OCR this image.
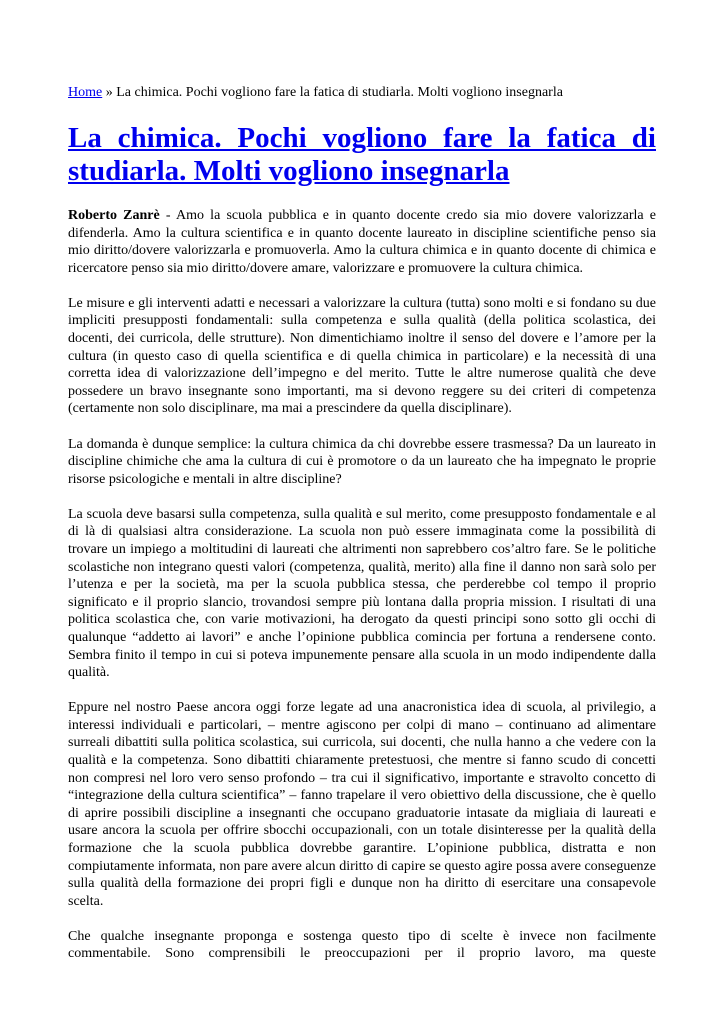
Home » La chimica. Pochi vogliono fare la fatica di studiarla. Molti vogliono insegnarla
La chimica. Pochi vogliono fare la fatica di studiarla. Molti vogliono insegnarla

Roberto Zanrè - Amo la scuola pubblica e in quanto docente credo sia mio dovere valorizzarla e difenderla. Amo la cultura scientifica e in quanto docente laureato in discipline scientifiche penso sia mio diritto/dovere valorizzarla e promuoverla. Amo la cultura chimica e in quanto docente di chimica e ricercatore penso sia mio diritto/dovere amare, valorizzare e promuovere la cultura chimica.

Le misure e gli interventi adatti e necessari a valorizzare la cultura (tutta) sono molti e si fondano su due impliciti presupposti fondamentali: sulla competenza e sulla qualità (della politica scolastica, dei docenti, dei curricola, delle strutture). Non dimentichiamo inoltre il senso del dovere e l’amore per la cultura (in questo caso di quella scientifica e di quella chimica in particolare) e la necessità di una corretta idea di valorizzazione dell’impegno e del merito. Tutte le altre numerose qualità che deve possedere un bravo insegnante sono importanti, ma si devono reggere su dei criteri di competenza (certamente non solo disciplinare, ma mai a prescindere da quella disciplinare).

La domanda è dunque semplice: la cultura chimica da chi dovrebbe essere trasmessa? Da un laureato in discipline chimiche che ama la cultura di cui è promotore o da un laureato che ha impegnato le proprie risorse psicologiche e mentali in altre discipline?

La scuola deve basarsi sulla competenza, sulla qualità e sul merito, come presupposto fondamentale e al di là di qualsiasi altra considerazione. La scuola non può essere immaginata come la possibilità di trovare un impiego a moltitudini di laureati che altrimenti non saprebbero cos’altro fare. Se le politiche scolastiche non integrano questi valori (competenza, qualità, merito) alla fine il danno non sarà solo per l’utenza e per la società, ma per la scuola pubblica stessa, che perderebbe col tempo il proprio significato e il proprio slancio, trovandosi sempre più lontana dalla propria mission. I risultati di una politica scolastica che, con varie motivazioni, ha derogato da questi principi sono sotto gli occhi di qualunque “addetto ai lavori” e anche l’opinione pubblica comincia per fortuna a rendersene conto. Sembra finito il tempo in cui si poteva impunemente pensare alla scuola in un modo indipendente dalla qualità.

Eppure nel nostro Paese ancora oggi forze legate ad una anacronistica idea di scuola, al privilegio, a interessi individuali e particolari, – mentre agiscono per colpi di mano – continuano ad alimentare surreali dibattiti sulla politica scolastica, sui curricola, sui docenti, che nulla hanno a che vedere con la qualità e la competenza. Sono dibattiti chiaramente pretestuosi, che mentre si fanno scudo di concetti non compresi nel loro vero senso profondo – tra cui il significativo, importante e stravolto concetto di “integrazione della cultura scientifica” – fanno trapelare il vero obiettivo della discussione, che è quello di aprire possibili discipline a insegnanti che occupano graduatorie intasate da migliaia di laureati e usare ancora la scuola per offrire sbocchi occupazionali, con un totale disinteresse per la qualità della formazione che la scuola pubblica dovrebbe garantire. L’opinione pubblica, distratta e non compiutamente informata, non pare avere alcun diritto di capire se questo agire possa avere conseguenze sulla qualità della formazione dei propri figli e dunque non ha diritto di esercitare una consapevole scelta.

Che qualche insegnante proponga e sostenga questo tipo di scelte è invece non facilmente commentabile. Sono comprensibili le preoccupazioni per il proprio lavoro, ma queste
